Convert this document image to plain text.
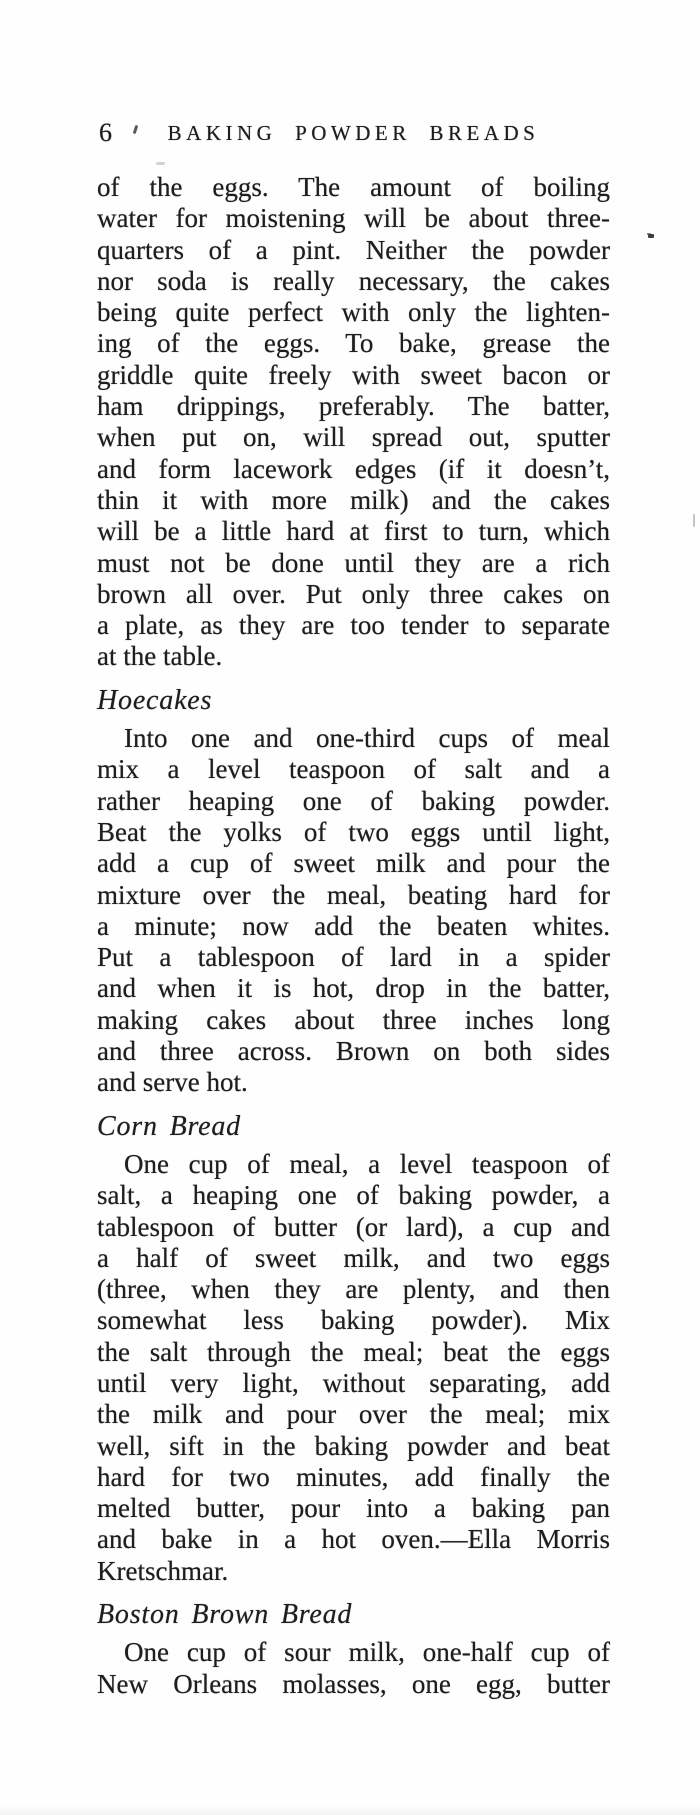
6	BAKING POWDER BREADS
of the eggs. The amount of boiling
water for moistening will be about three-
quarters of a pint. Neither the powder
nor soda is really necessary, the cakes
being quite perfect with only the lighten-
ing of the eggs. To bake, grease the
griddle quite freely with sweet bacon or
ham drippings, preferably. The batter,
when put on, will spread out, sputter
and form lacework edges (if it doesn’t,
thin it with more milk) and the cakes
will be a little hard at first to turn, which
must not be done until they are a rich
brown all over. Put only three cakes on
a plate, as they are too tender to separate
at the table.
Hoecakes
Into one and one-third cups of meal
mix a level teaspoon of salt and a
rather heaping one of baking powder.
Beat the yolks of two eggs until light,
add a cup of sweet milk and pour the
mixture over the meal, beating hard for
a minute; now add the beaten whites.
Put a tablespoon of lard in a spider
and when it is hot, drop in the batter,
making cakes about three inches long
and three across. Brown on both sides
and serve hot.
Corn Bread
One cup of meal, a level teaspoon of
salt, a heaping one of baking powder, a
tablespoon of butter (or lard), a cup and
a half of sweet milk, and two eggs
(three, when they are plenty, and then
somewhat less baking powder). Mix
the salt through the meal; beat the eggs
until very light, without separating, add
the milk and pour over the meal; mix
well, sift in the baking powder and beat
hard for two minutes, add finally the
melted butter, pour into a baking pan
and bake in a hot oven.—Ella Morris
Kretschmar.
Boston Brown Bread
One cup of sour milk, one-half cup of
New Orleans molasses, one egg, butter
